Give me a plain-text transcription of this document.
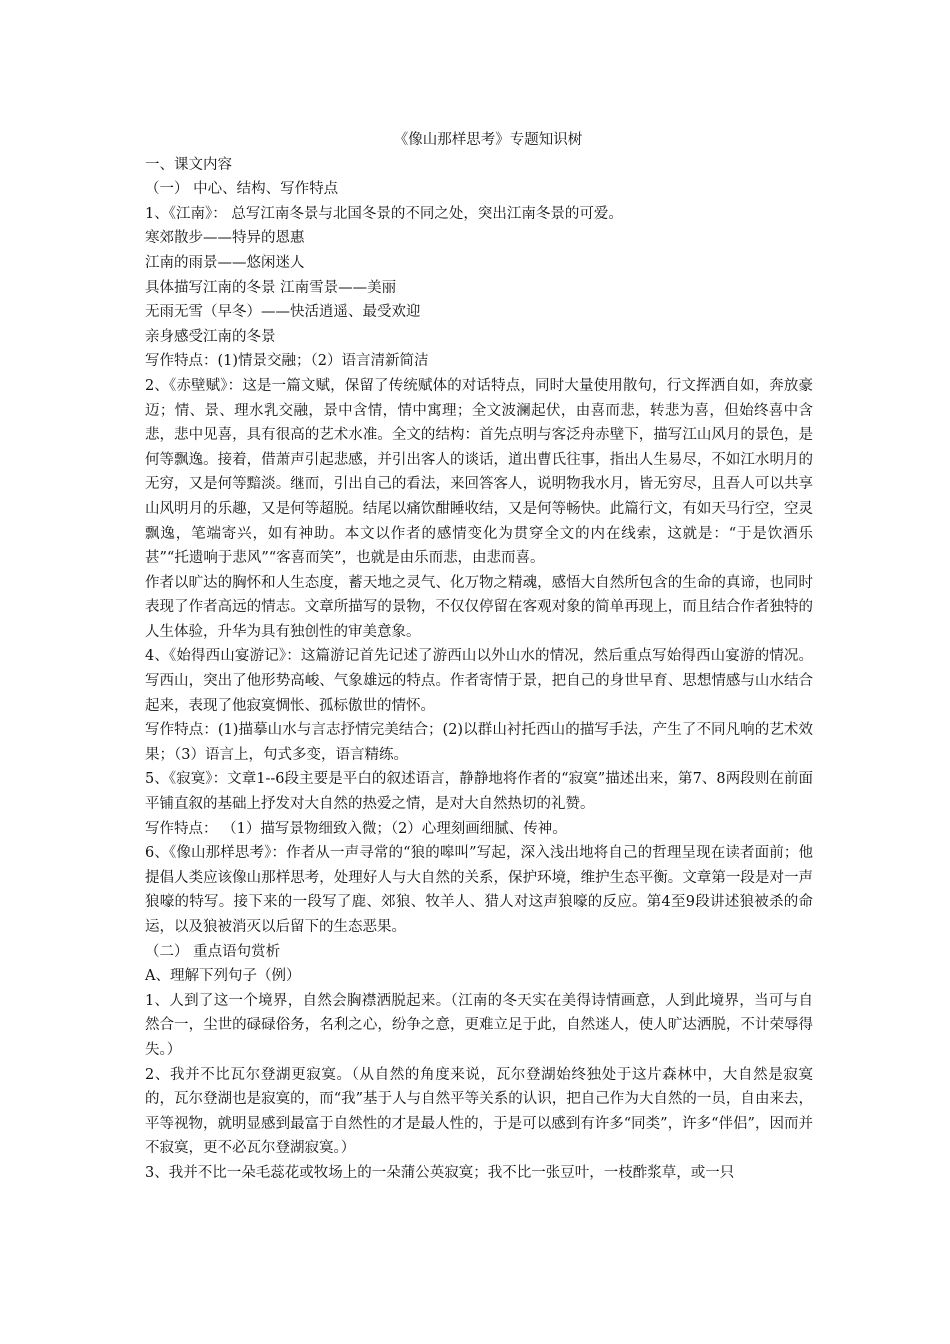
《像山那样思考》专题知识树

一、课文内容

（一） 中心、结构、写作特点

1、《江南》： 总写江南冬景与北国冬景的不同之处，突出江南冬景的可爱。

寒郊散步——特异的恩惠

江南的雨景——悠闲迷人

具体描写江南的冬景 江南雪景——美丽

无雨无雪（早冬）——快活逍遥、最受欢迎

亲身感受江南的冬景

写作特点：(1)情景交融；（2）语言清新简洁

2、《赤壁赋》：这是一篇文赋，保留了传统赋体的对话特点，同时大量使用散句，行文挥洒自如，奔放豪迈；情、景、理水乳交融，景中含情，情中寓理；全文波澜起伏，由喜而悲，转悲为喜，但始终喜中含悲，悲中见喜，具有很高的艺术水准。全文的结构：首先点明与客泛舟赤壁下，描写江山风月的景色，是何等飘逸。接着，借萧声引起悲感，并引出客人的谈话，道出曹氏往事，指出人生易尽，不如江水明月的无穷，又是何等黯淡。继而，引出自己的看法，来回答客人，说明物我水月，皆无穷尽，且吾人可以共享山风明月的乐趣，又是何等超脱。结尾以痛饮酣睡收结，又是何等畅快。此篇行文，有如天马行空，空灵飘逸，笔端寄兴，如有神助。本文以作者的感情变化为贯穿全文的内在线索，这就是：“于是饮酒乐甚”“托遗响于悲风”“客喜而笑”，也就是由乐而悲，由悲而喜。

作者以旷达的胸怀和人生态度，蓄天地之灵气、化万物之精魂，感悟大自然所包含的生命的真谛，也同时表现了作者高远的情志。文章所描写的景物，不仅仅停留在客观对象的简单再现上，而且结合作者独特的人生体验，升华为具有独创性的审美意象。

4、《始得西山宴游记》：这篇游记首先记述了游西山以外山水的情况，然后重点写始得西山宴游的情况。写西山，突出了他形势高峻、气象雄远的特点。作者寄情于景，把自己的身世早育、思想情感与山水结合起来，表现了他寂寞惆怅、孤标傲世的情怀。

写作特点：(1)描摹山水与言志抒情完美结合；(2)以群山衬托西山的描写手法，产生了不同凡响的艺术效果；（3）语言上，句式多变，语言精练。

5、《寂寞》：文章1--6段主要是平白的叙述语言，静静地将作者的“寂寞”描述出来，第7、8两段则在前面平铺直叙的基础上抒发对大自然的热爱之情，是对大自然热切的礼赞。

写作特点： （1）描写景物细致入微；（2）心理刻画细腻、传神。

6、《像山那样思考》：作者从一声寻常的“狼的嗥叫”写起，深入浅出地将自己的哲理呈现在读者面前；他提倡人类应该像山那样思考，处理好人与大自然的关系，保护环境，维护生态平衡。文章第一段是对一声狼嚎的特写。接下来的一段写了鹿、郊狼、牧羊人、猎人对这声狼嚎的反应。第4至9段讲述狼被杀的命运，以及狼被消灭以后留下的生态恶果。

（二） 重点语句赏析

A、理解下列句子（例）

1、人到了这一个境界，自然会胸襟洒脱起来。（江南的冬天实在美得诗情画意，人到此境界，当可与自然合一，尘世的碌碌俗务，名利之心，纷争之意，更难立足于此，自然迷人，使人旷达洒脱，不计荣辱得失。）

2、我并不比瓦尔登湖更寂寞。（从自然的角度来说，瓦尔登湖始终独处于这片森林中，大自然是寂寞的，瓦尔登湖也是寂寞的，而“我”基于人与自然平等关系的认识，把自己作为大自然的一员，自由来去，平等视物，就明显感到最富于自然性的才是最人性的，于是可以感到有许多“同类”，许多“伴侣”，因而并不寂寞，更不必瓦尔登湖寂寞。）

3、我并不比一朵毛蕊花或牧场上的一朵蒲公英寂寞；我不比一张豆叶，一枝酢浆草，或一只
